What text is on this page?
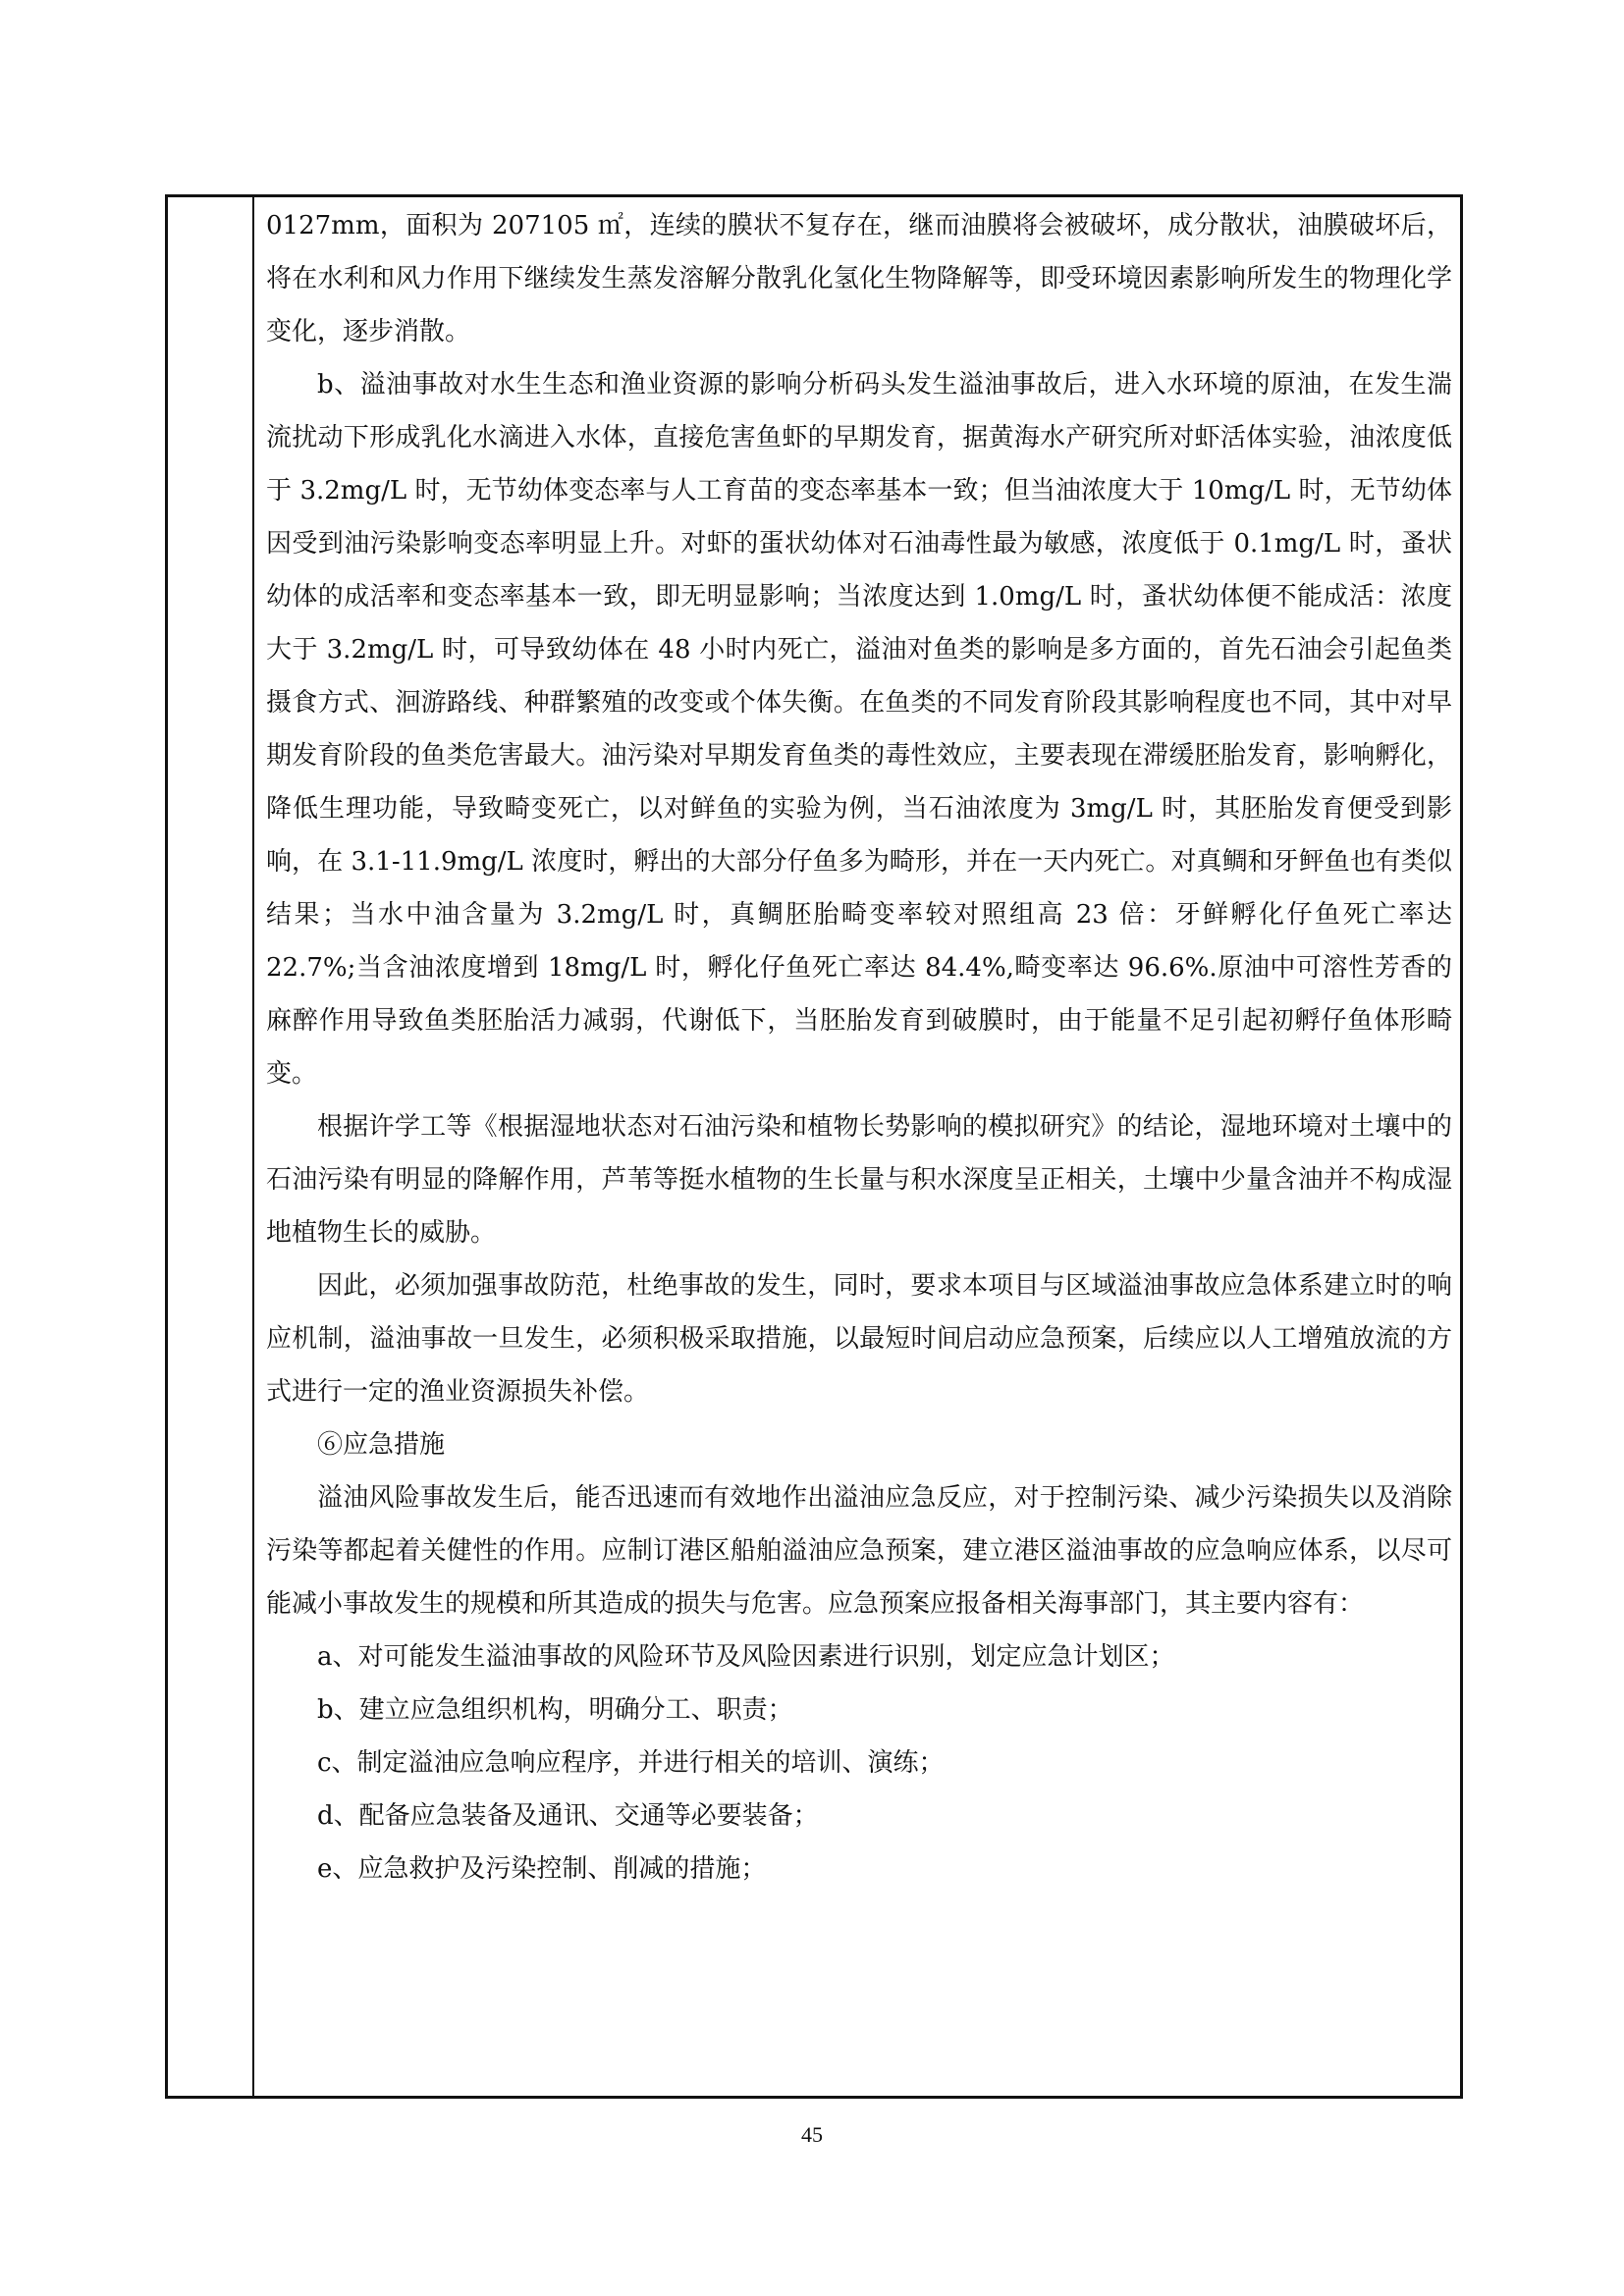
0127mm，面积为 207105 ㎡，连续的膜状不复存在，继而油膜将会被破坏，成分散状，油膜破坏后，将在水利和风力作用下继续发生蒸发溶解分散乳化氢化生物降解等，即受环境因素影响所发生的物理化学变化，逐步消散。

b、溢油事故对水生生态和渔业资源的影响分析码头发生溢油事故后，进入水环境的原油，在发生湍流扰动下形成乳化水滴进入水体，直接危害鱼虾的早期发育，据黄海水产研究所对虾活体实验，油浓度低于 3.2mg/L 时，无节幼体变态率与人工育苗的变态率基本一致；但当油浓度大于 10mg/L 时，无节幼体因受到油污染影响变态率明显上升。对虾的蛋状幼体对石油毒性最为敏感，浓度低于 0.1mg/L 时，蚤状幼体的成活率和变态率基本一致，即无明显影响；当浓度达到 1.0mg/L 时，蚤状幼体便不能成活：浓度大于 3.2mg/L 时，可导致幼体在 48 小时内死亡，溢油对鱼类的影响是多方面的，首先石油会引起鱼类摄食方式、洄游路线、种群繁殖的改变或个体失衡。在鱼类的不同发育阶段其影响程度也不同，其中对早期发育阶段的鱼类危害最大。油污染对早期发育鱼类的毒性效应，主要表现在滞缓胚胎发育，影响孵化，降低生理功能，导致畸变死亡，以对鲜鱼的实验为例，当石油浓度为 3mg/L 时，其胚胎发育便受到影响，在 3.1-11.9mg/L 浓度时，孵出的大部分仔鱼多为畸形，并在一天内死亡。对真鲷和牙鲆鱼也有类似结果；当水中油含量为 3.2mg/L 时，真鲷胚胎畸变率较对照组高 23 倍：牙鲜孵化仔鱼死亡率达 22.7%;当含油浓度增到 18mg/L 时，孵化仔鱼死亡率达 84.4%,畸变率达 96.6%.原油中可溶性芳香的麻醉作用导致鱼类胚胎活力减弱，代谢低下，当胚胎发育到破膜时，由于能量不足引起初孵仔鱼体形畸变。

根据许学工等《根据湿地状态对石油污染和植物长势影响的模拟研究》的结论，湿地环境对土壤中的石油污染有明显的降解作用，芦苇等挺水植物的生长量与积水深度呈正相关，土壤中少量含油并不构成湿地植物生长的威胁。

因此，必须加强事故防范，杜绝事故的发生，同时，要求本项目与区域溢油事故应急体系建立时的响应机制，溢油事故一旦发生，必须积极采取措施，以最短时间启动应急预案，后续应以人工增殖放流的方式进行一定的渔业资源损失补偿。

⑥应急措施

溢油风险事故发生后，能否迅速而有效地作出溢油应急反应，对于控制污染、减少污染损失以及消除污染等都起着关健性的作用。应制订港区船舶溢油应急预案，建立港区溢油事故的应急响应体系，以尽可能减小事故发生的规模和所其造成的损失与危害。应急预案应报备相关海事部门，其主要内容有：

a、对可能发生溢油事故的风险环节及风险因素进行识别，划定应急计划区；

b、建立应急组织机构，明确分工、职责；

c、制定溢油应急响应程序，并进行相关的培训、演练；

d、配备应急装备及通讯、交通等必要装备；

e、应急救护及污染控制、削减的措施；

45
